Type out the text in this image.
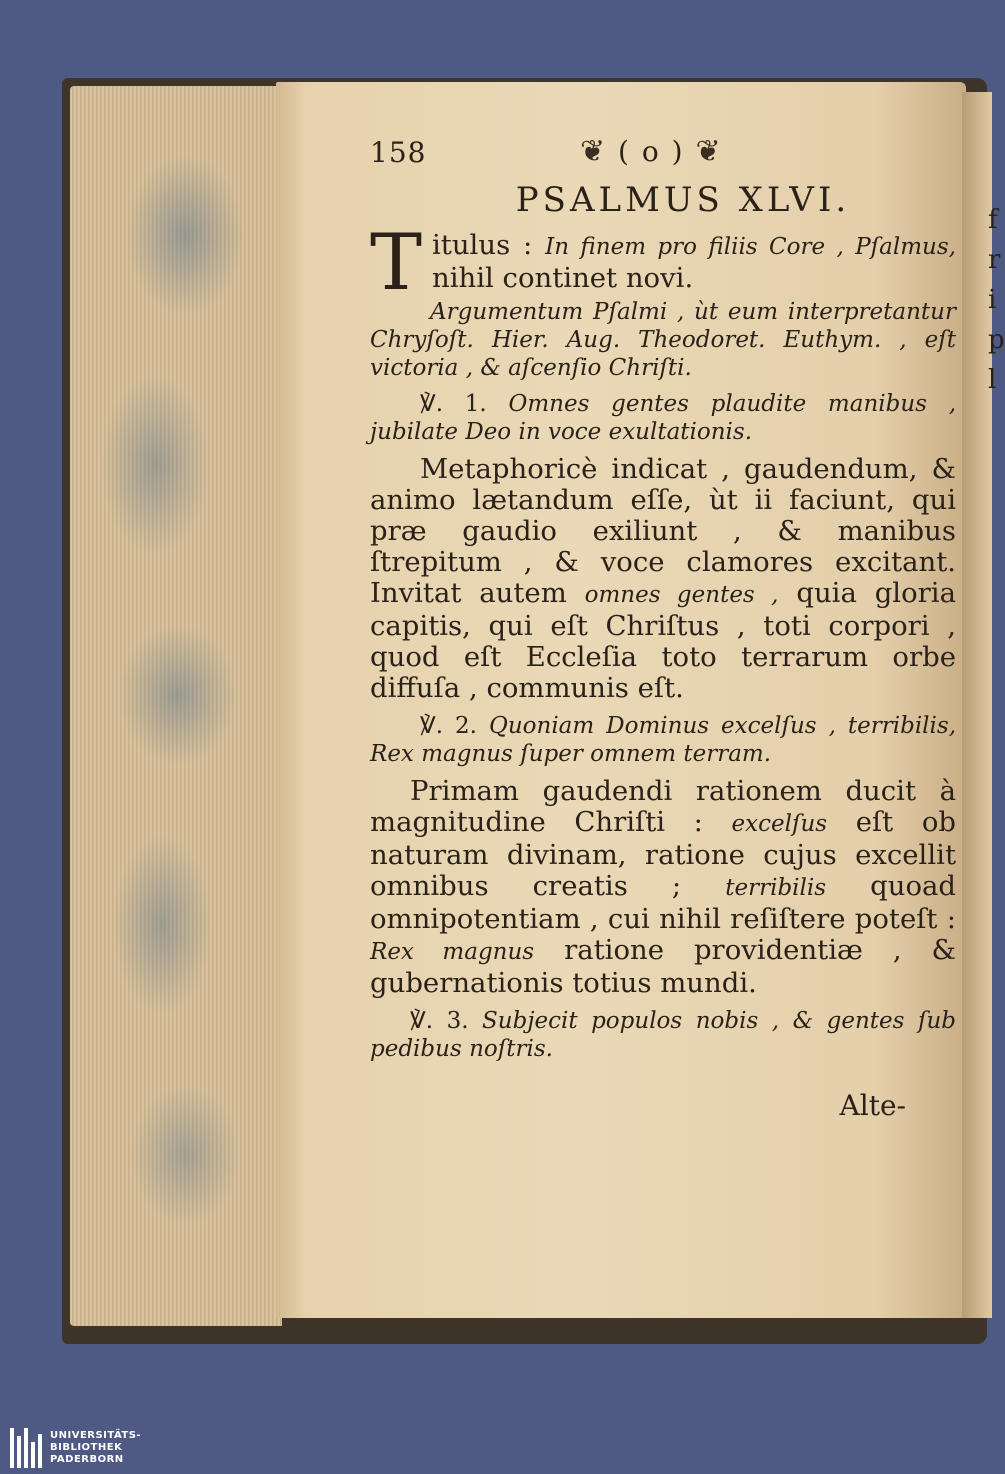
f
r
i
p
l
158	❦ ( o ) ❦
PSALMUS XLVI.

T itulus : In finem pro filiis Core , Pſalmus, nihil continet novi.

Argumentum Pſalmi , ùt eum interpretantur Chryſoſt. Hier. Aug. Theodoret. Euthym. , eſt victoria , & aſcenſio Chriſti.

℣. 1. Omnes gentes plaudite manibus , jubilate Deo in voce exultationis.

Metaphoricè indicat , gaudendum, & animo lætandum eſſe, ùt ii faciunt, qui præ gaudio exiliunt , & manibus ſtrepitum , & voce clamores excitant. Invitat autem omnes gentes , quia gloria capitis, qui eſt Chriſtus , toti corpori , quod eſt Eccleſia toto terrarum orbe diffuſa , communis eſt.

℣. 2. Quoniam Dominus excelſus , terribilis, Rex magnus ſuper omnem terram.

Primam gaudendi rationem ducit à magnitudine Chriſti : excelſus eſt ob naturam divinam, ratione cujus excellit omnibus creatis ; terribilis quoad omnipotentiam , cui nihil reſiſtere poteſt : Rex magnus ratione providentiæ , & gubernationis totius mundi.

℣. 3. Subjecit populos nobis , & gentes ſub pedibus noſtris.

Alte-
UNIVERSITÄTS-
BIBLIOTHEK
PADERBORN
